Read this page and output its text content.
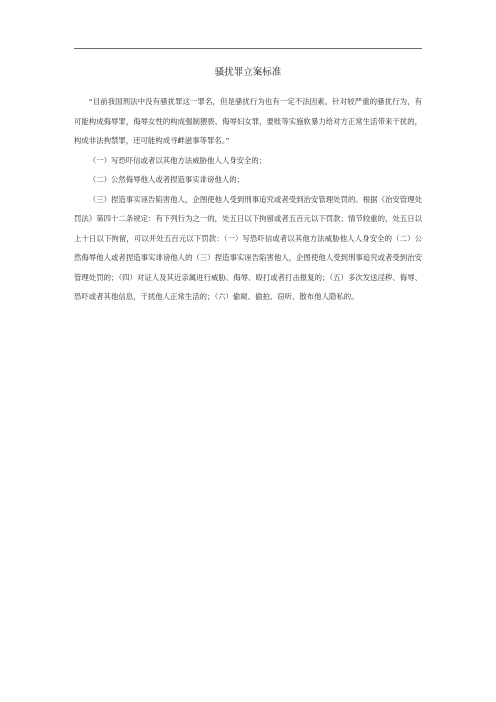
骚扰罪立案标准

“目前我国刑法中没有骚扰罪这一罪名，但是骚扰行为也有一定不法因素。针对较严重的骚扰行为，有可能构成侮辱罪，侮辱女性的构成强制猥亵、侮辱妇女罪，要账等实施软暴力给对方正常生活带来干扰的，构成非法拘禁罪，还可能构成寻衅滋事等罪名。”

（一）写恐吓信或者以其他方法威胁他人人身安全的；

（二）公然侮辱他人或者捏造事实诽谤他人的；

（三）捏造事实诬告陷害他人，企图使他人受到刑事追究或者受到治安管理处罚的。根据《治安管理处罚法》第四十二条规定：有下列行为之一的，处五日以下拘留或者五百元以下罚款；情节较重的，处五日以上十日以下拘留，可以并处五百元以下罚款：（一）写恐吓信或者以其他方法威胁他人人身安全的（二）公然侮辱他人或者捏造事实诽谤他人的（三）捏造事实诬告陷害他人，企图使他人受到刑事追究或者受到治安管理处罚的；（四）对证人及其近亲属进行威胁、侮辱、殴打或者打击报复的；（五）多次发送淫秽、侮辱、恐吓或者其他信息，干扰他人正常生活的；（六）偷窥、偷拍、窃听、散布他人隐私的。
